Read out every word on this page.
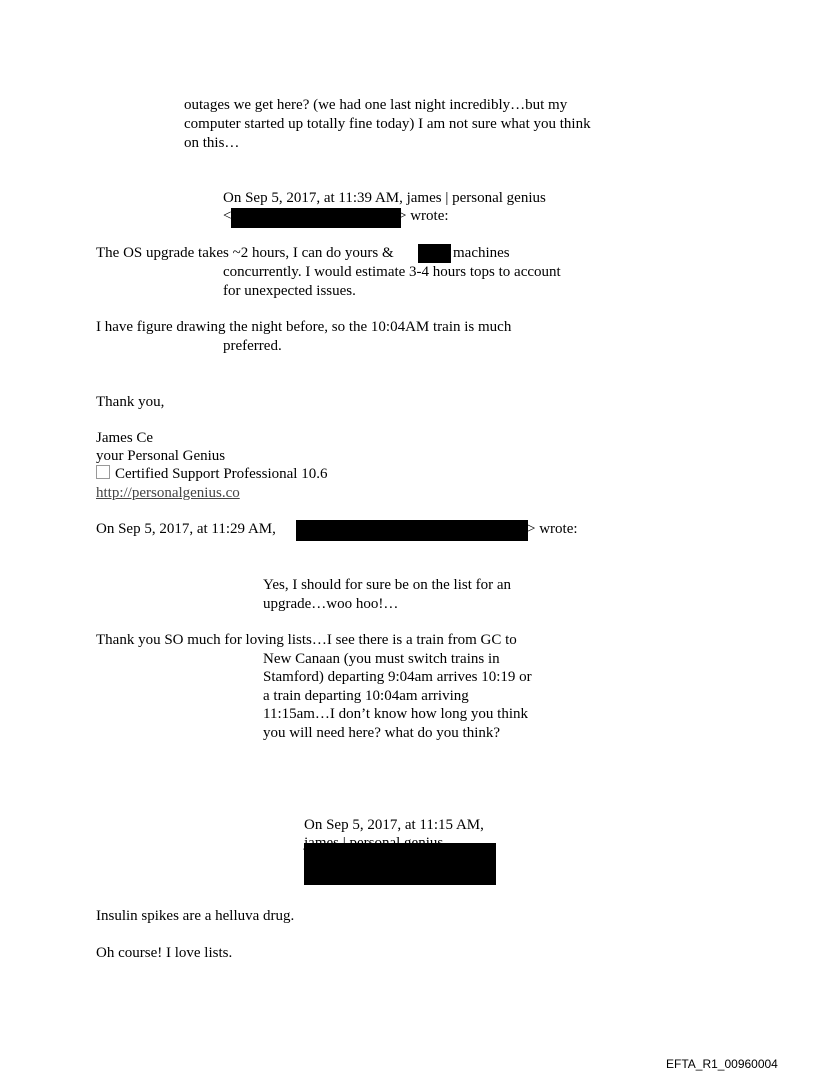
outages we get here? (we had one last night incredibly…but my
computer started up totally fine today) I am not sure what you think
on this…
On Sep 5, 2017, at 11:39 AM, james | personal genius
<	> wrote:
The OS upgrade takes ~2 hours, I can do yours &	machines
concurrently. I would estimate 3-4 hours tops to account
for unexpected issues.
I have figure drawing the night before, so the 10:04AM train is much
preferred.
Thank you,
James Ce
your Personal Genius
Certified Support Professional 10.6
http://personalgenius.co
On Sep 5, 2017, at 11:29 AM,	> wrote:
Yes, I should for sure be on the list for an
upgrade…woo hoo!…
Thank you SO much for loving lists…I see there is a train from GC to
New Canaan (you must switch trains in
Stamford) departing 9:04am arrives 10:19 or
a train departing 10:04am arriving
11:15am…I don’t know how long you think
you will need here? what do you think?
On Sep 5, 2017, at 11:15 AM,
Insulin spikes are a helluva drug.
Oh course! I love lists.
EFTA_R1_00960004
